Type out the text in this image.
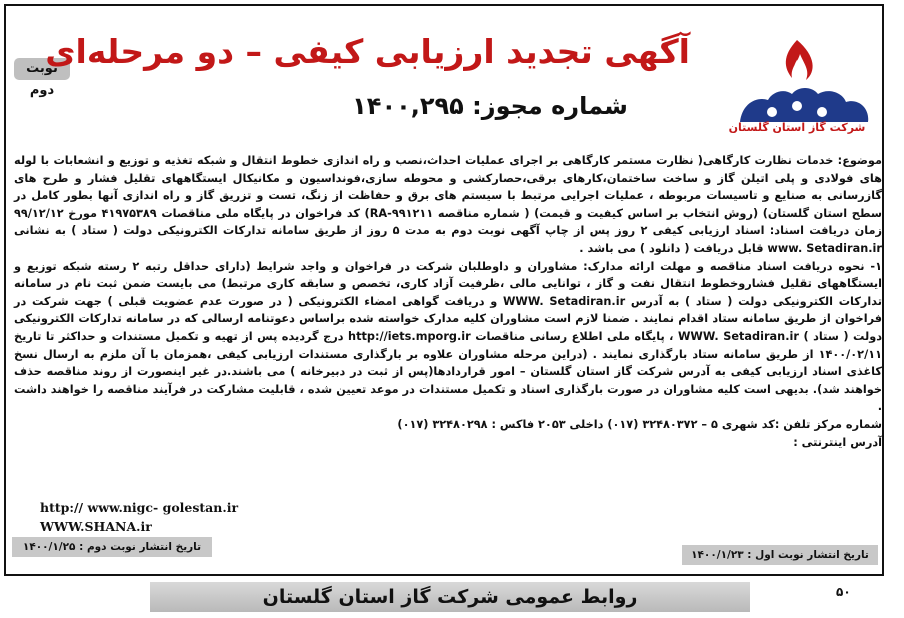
نوبت دوم
آگهی تجدید ارزیابی کیفی – دو مرحله‌ای
شماره مجوز: ۱۴۰۰,۲۹۵
شرکت گاز استان گلستان

موضوع: خدمات نظارت کارگاهی( نظارت مستمر کارگاهی بر اجرای عملیات احداث،نصب و راه اندازی خطوط انتقال و شبکه تغذیه و توزیع و انشعابات با لوله های فولادی و پلی اتیلن گاز و ساخت ساختمان،کارهای برقی،حصارکشی و محوطه سازی،فونداسیون و مکانیکال ایستگاههای تقلیل فشار و طرح های گازرسانی به صنایع و تاسیسات مربوطه ، عملیات اجرایی مرتبط با سیستم های برق و حفاظت از زنگ، تست و تزریق گاز و راه اندازی آنها بطور کامل در سطح استان گلستان) (روش انتخاب بر اساس کیفیت و قیمت) ( شماره مناقصه RA-۹۹۱۲۱۱) کد فراخوان در پایگاه ملی مناقصات ۴۱۹۷۵۳۸۹ مورخ ۹۹/۱۲/۱۲ زمان دریافت اسناد: اسناد ارزیابی کیفی ۲ روز پس از چاپ آگهی نوبت دوم به مدت ۵ روز از طریق سامانه تدارکات الکترونیکی دولت ( ستاد ) به نشانی www. Setadiran.ir قابل دریافت ( دانلود ) می باشد .

۱- نحوه دریافت اسناد مناقصه و مهلت ارائه مدارک: مشاوران و داوطلبان شرکت در فراخوان و واجد شرایط (دارای حداقل رتبه ۲ رسته شبکه توزیع و ایستگاههای تقلیل فشاروخطوط انتقال نفت و گاز ، توانایی مالی ،ظرفیت آزاد کاری، تخصص و سابقه کاری مرتبط) می بایست ضمن ثبت نام در سامانه تدارکات الکترونیکی دولت ( ستاد ) به آدرس WWW. Setadiran.ir و دریافت گواهی امضاء الکترونیکی ( در صورت عدم عضویت قبلی ) جهت شرکت در فراخوان از طریق سامانه ستاد اقدام نمایند . ضمنا لازم است مشاوران کلیه مدارک خواسته شده براساس دعوتنامه ارسالی که در سامانه تدارکات الکترونیکی دولت ( ستاد ) WWW. Setadiran.ir ، پایگاه ملی اطلاع رسانی مناقصات http://iets.mporg.ir درج گردیده پس از تهیه و تکمیل مستندات و حداکثر تا تاریخ ۱۴۰۰/۰۲/۱۱ از طریق سامانه ستاد بارگذاری نمایند . (دراین مرحله مشاوران علاوه بر بارگذاری مستندات ارزیابی کیفی ،همزمان با آن ملزم به ارسال نسخ کاغذی اسناد ارزیابی کیفی به آدرس شرکت گاز استان گلستان – امور قراردادها(پس از ثبت در دبیرخانه ) می باشند.در غیر اینصورت از روند مناقصه حذف خواهند شد). بدیهی است کلیه مشاوران در صورت بارگذاری اسناد و تکمیل مستندات در موعد تعیین شده ، قابلیت مشارکت در فرآیند مناقصه را خواهند داشت .

شماره مرکز تلفن :کد شهری ۵ – ۳۲۴۸۰۳۷۲ (۰۱۷) داخلی ۲۰۵۳ فاکس : ۳۲۴۸۰۲۹۸ (۰۱۷)

آدرس اینترنتی :

http:// www.nigc- golestan.ir
WWW.SHANA.ir
تاریخ انتشار نوبت دوم : ۱۴۰۰/۱/۲۵
تاریخ انتشار نوبت اول : ۱۴۰۰/۱/۲۳
روابط عمومی شرکت گاز استان گلستان	۵۰
